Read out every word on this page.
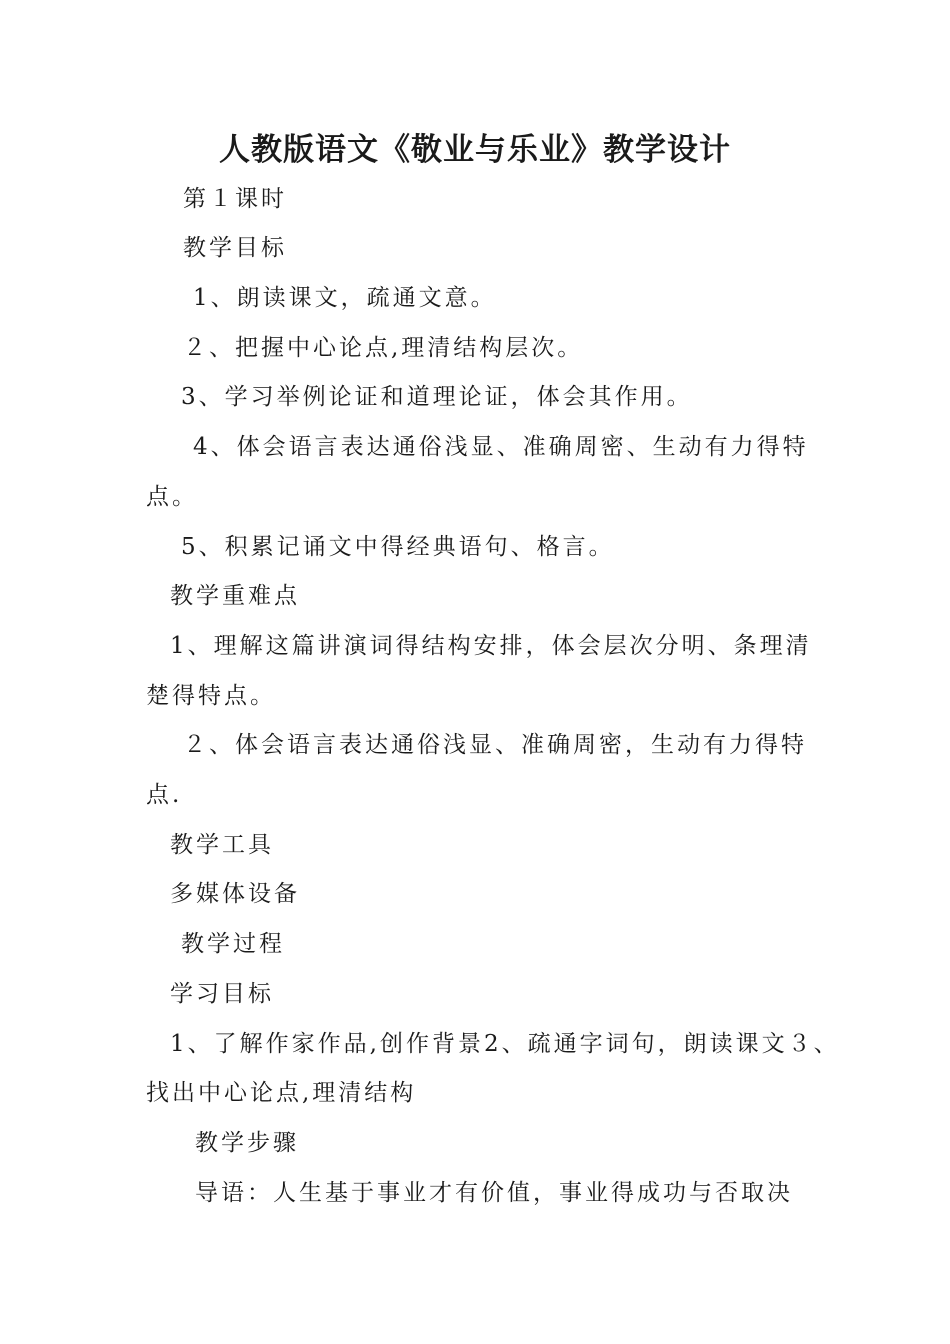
人教版语文《敬业与乐业》教学设计
第１课时
教学目标
1、朗读课文，疏通文意。
２、把握中心论点,理清结构层次。
3、学习举例论证和道理论证，体会其作用。
4、体会语言表达通俗浅显、准确周密、生动有力得特
点。
5、积累记诵文中得经典语句、格言。
教学重难点
1、理解这篇讲演词得结构安排，体会层次分明、条理清
楚得特点。
２、体会语言表达通俗浅显、准确周密，生动有力得特
点.
教学工具
多媒体设备
教学过程
学习目标
1、了解作家作品,创作背景2、疏通字词句，朗读课文３、
找出中心论点,理清结构
教学步骤
导语：人生基于事业才有价值，事业得成功与否取决
